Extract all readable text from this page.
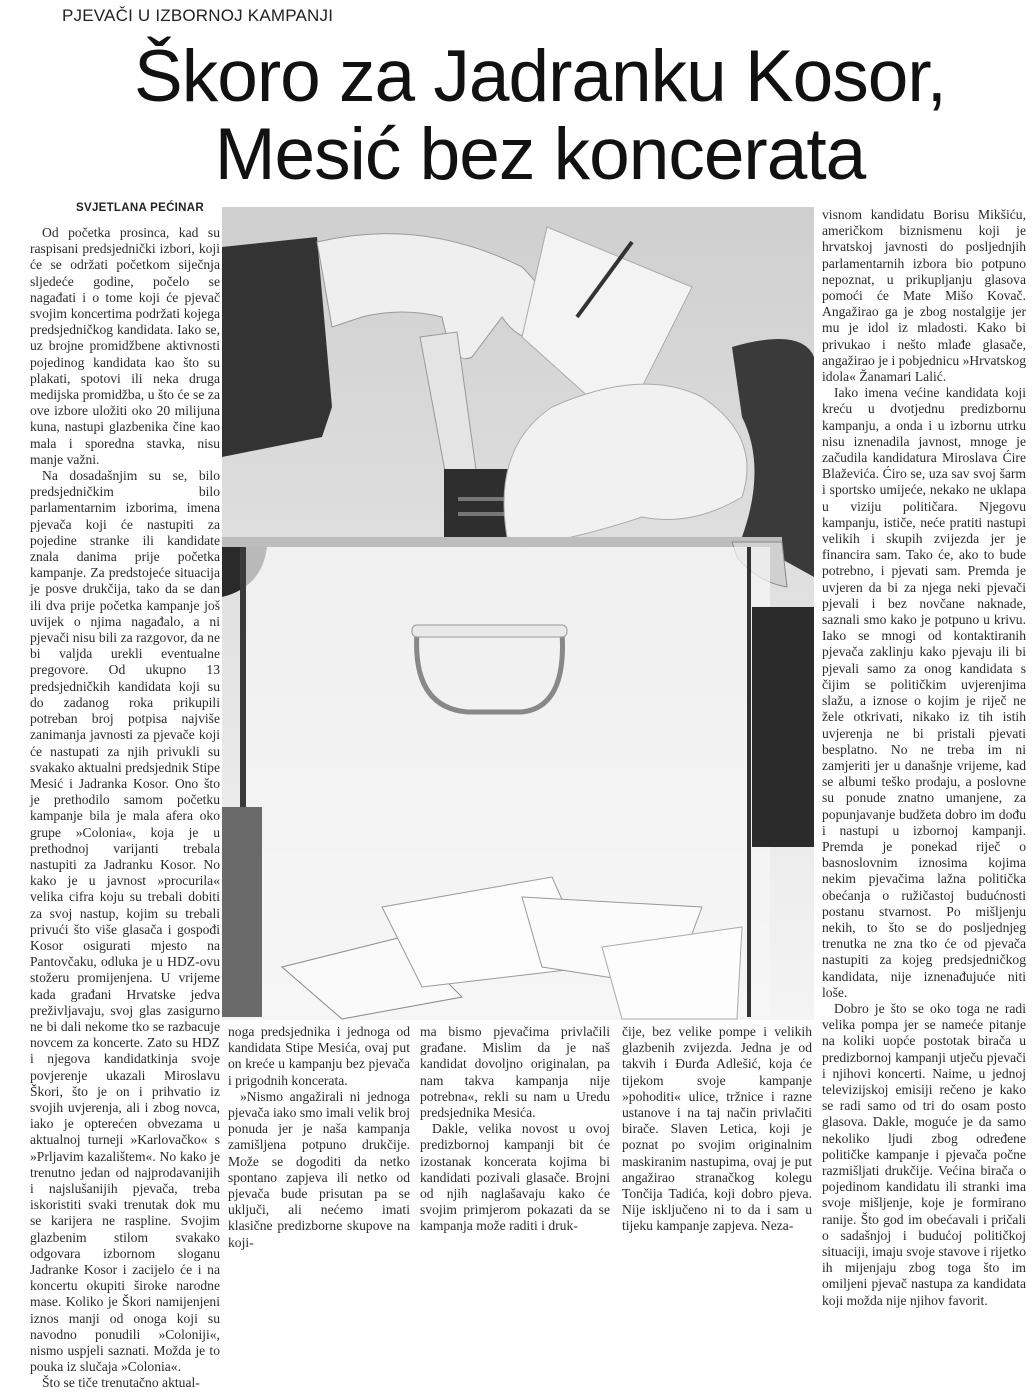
PJEVAČI U IZBORNOJ KAMPANJI
Škoro za Jadranku Kosor,
Mesić bez koncerata
SVJETLANA PEĆINAR

Od početka prosinca, kad su raspisani predsjednički izbori, koji će se održati početkom siječnja sljedeće godine, počelo se nagađati i o tome koji će pjevač svojim koncertima podržati kojega predsjedničkog kandidata. Iako se, uz brojne promidžbene aktivnosti pojedinog kandidata kao što su plakati, spotovi ili neka druga medijska promidžba, u što će se za ove izbore uložiti oko 20 milijuna kuna, nastupi glazbenika čine kao mala i sporedna stavka, nisu manje važni.

Na dosadašnjim su se, bilo predsjedničkim bilo parlamentarnim izborima, imena pjevača koji će nastupiti za pojedine stranke ili kandidate znala danima prije početka kampanje. Za predstojeće situacija je posve drukčija, tako da se dan ili dva prije početka kampanje još uvijek o njima nagađalo, a ni pjevači nisu bili za razgovor, da ne bi valjda urekli eventualne pregovore. Od ukupno 13 predsjedničkih kandidata koji su do zadanog roka prikupili potreban broj potpisa najviše zanimanja javnosti za pjevače koji će nastupati za njih privukli su svakako aktualni predsjednik Stipe Mesić i Jadranka Kosor. Ono što je prethodilo samom početku kampanje bila je mala afera oko grupe »Colonia«, koja je u prethodnoj varijanti trebala nastupiti za Jadranku Kosor. No kako je u javnost »procurila« velika cifra koju su trebali dobiti za svoj nastup, kojim su trebali privući što više glasača i gospođi Kosor osigurati mjesto na Pantovčaku, odluka je u HDZ-ovu stožeru promijenjena. U vrijeme kada građani Hrvatske jedva preživljavaju, svoj glas zasigurno ne bi dali nekome tko se razbacuje novcem za koncerte. Zato su HDZ i njegova kandidatkinja svoje povjerenje ukazali Miroslavu Škori, što je on i prihvatio iz svojih uvjerenja, ali i zbog novca, iako je opterećen obvezama u aktualnoj turneji »Karlovačko« s »Prljavim kazalištem«. No kako je trenutno jedan od najprodavanijih i najslušanijih pjevača, treba iskoristiti svaki trenutak dok mu se karijera ne raspline. Svojim glazbenim stilom svakako odgovara izbornom sloganu Jadranke Kosor i zacijelo će i na koncertu okupiti široke narodne mase. Koliko je Škori namijenjeni iznos manji od onoga koji su navodno ponudili »Coloniji«, nismo uspjeli saznati. Možda je to pouka iz slučaja »Colonia«.

Što se tiče trenutačno aktual-

noga predsjednika i jednoga od kandidata Stipe Mesića, ovaj put on kreće u kampanju bez pjevača i prigodnih koncerata.

»Nismo angažirali ni jednoga pjevača iako smo imali velik broj ponuda jer je naša kampanja zamišljena potpuno drukčije. Može se dogoditi da netko spontano zapjeva ili netko od pjevača bude prisutan pa se uključi, ali nećemo imati klasične predizborne skupove na koji-

ma bismo pjevačima privlačili građane. Mislim da je naš kandidat dovoljno originalan, pa nam takva kampanja nije potrebna«, rekli su nam u Uredu predsjednika Mesića.

Dakle, velika novost u ovoj predizbornoj kampanji bit će izostanak koncerata kojima bi kandidati pozivali glasače. Brojni od njih naglašavaju kako će svojim primjerom pokazati da se kampanja može raditi i druk-

čije, bez velike pompe i velikih glazbenih zvijezda. Jedna je od takvih i Đurđa Adlešić, koja će tijekom svoje kampanje »pohoditi« ulice, tržnice i razne ustanove i na taj način privlačiti birače. Slaven Letica, koji je poznat po svojim originalnim maskiranim nastupima, ovaj je put angažirao stranačkog kolegu Tončija Tadića, koji dobro pjeva. Nije isključeno ni to da i sam u tijeku kampanje zapjeva. Neza-

visnom kandidatu Borisu Mikšiću, američkom biznismenu koji je hrvatskoj javnosti do posljednjih parlamentarnih izbora bio potpuno nepoznat, u prikupljanju glasova pomoći će Mate Mišo Kovač. Angažirao ga je zbog nostalgije jer mu je idol iz mladosti. Kako bi privukao i nešto mlađe glasače, angažirao je i pobjednicu »Hrvatskog idola« Žanamari Lalić.

Iako imena većine kandidata koji kreću u dvotjednu predizbornu kampanju, a onda i u izbornu utrku nisu iznenadila javnost, mnoge je začudila kandidatura Miroslava Ćire Blaževića. Ćiro se, uza sav svoj šarm i sportsko umijeće, nekako ne uklapa u viziju političara. Njegovu kampanju, ističe, neće pratiti nastupi velikih i skupih zvijezda jer je financira sam. Tako će, ako to bude potrebno, i pjevati sam. Premda je uvjeren da bi za njega neki pjevači pjevali i bez novčane naknade, saznali smo kako je potpuno u krivu. Iako se mnogi od kontaktiranih pjevača zaklinju kako pjevaju ili bi pjevali samo za onog kandidata s čijim se političkim uvjerenjima slažu, a iznose o kojim je riječ ne žele otkrivati, nikako iz tih istih uvjerenja ne bi pristali pjevati besplatno. No ne treba im ni zamjeriti jer u današnje vrijeme, kad se albumi teško prodaju, a poslovne su ponude znatno umanjene, za popunjavanje budžeta dobro im dođu i nastupi u izbornoj kampanji. Premda je ponekad riječ o basnoslovnim iznosima kojima nekim pjevačima lažna politička obećanja o ružičastoj budućnosti postanu stvarnost. Po mišljenju nekih, to što se do posljednjeg trenutka ne zna tko će od pjevača nastupiti za kojeg predsjedničkog kandidata, nije iznenađujuće niti loše.

Dobro je što se oko toga ne radi velika pompa jer se nameće pitanje na koliki uopće postotak birača u predizbornoj kampanji utječu pjevači i njihovi koncerti. Naime, u jednoj televizijskoj emisiji rečeno je kako se radi samo od tri do osam posto glasova. Dakle, moguće je da samo nekoliko ljudi zbog određene političke kampanje i pjevača počne razmišljati drukčije. Većina birača o pojedinom kandidatu ili stranki ima svoje mišljenje, koje je formirano ranije. Što god im obećavali i pričali o sadašnjoj i budućoj političkoj situaciji, imaju svoje stavove i rijetko ih mijenjaju zbog toga što im omiljeni pjevač nastupa za kandidata koji možda nije njihov favorit.
